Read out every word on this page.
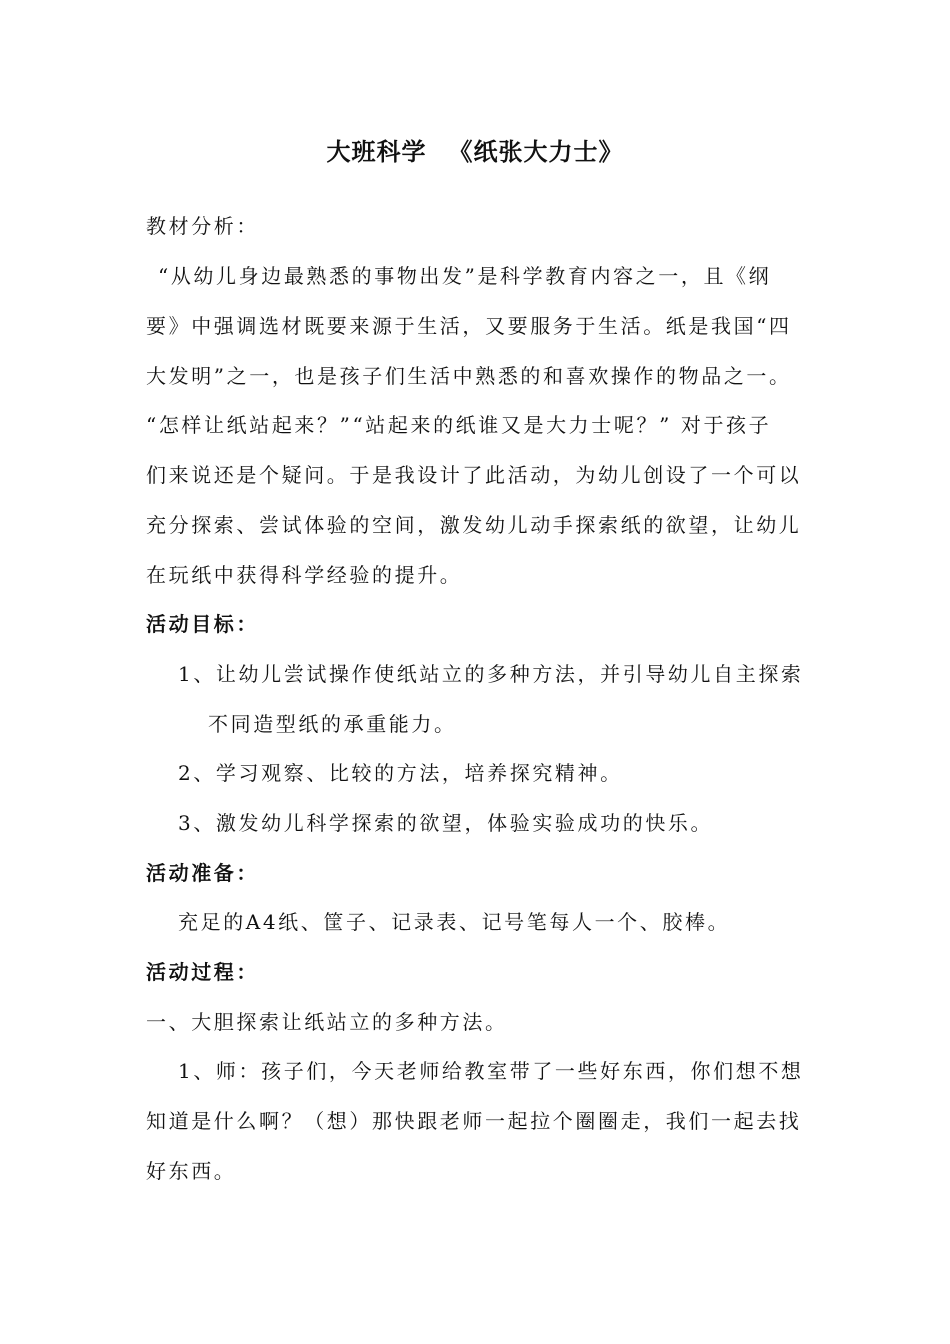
大班科学 《纸张大力士》
教材分析：
“从幼儿身边最熟悉的事物出发”是科学教育内容之一，且《纲
要》中强调选材既要来源于生活，又要服务于生活。纸是我国“四
大发明”之一，也是孩子们生活中熟悉的和喜欢操作的物品之一。
“怎样让纸站起来？”“站起来的纸谁又是大力士呢？” 对于孩子
们来说还是个疑问。于是我设计了此活动，为幼儿创设了一个可以
充分探索、尝试体验的空间，激发幼儿动手探索纸的欲望，让幼儿
在玩纸中获得科学经验的提升。
活动目标：
1、让幼儿尝试操作使纸站立的多种方法，并引导幼儿自主探索
不同造型纸的承重能力。
2、学习观察、比较的方法，培养探究精神。
3、激发幼儿科学探索的欲望，体验实验成功的快乐。
活动准备：
充足的A4纸、筐子、记录表、记号笔每人一个、胶棒。
活动过程：
一、大胆探索让纸站立的多种方法。
1、师：孩子们，今天老师给教室带了一些好东西，你们想不想
知道是什么啊？（想）那快跟老师一起拉个圈圈走，我们一起去找
好东西。
